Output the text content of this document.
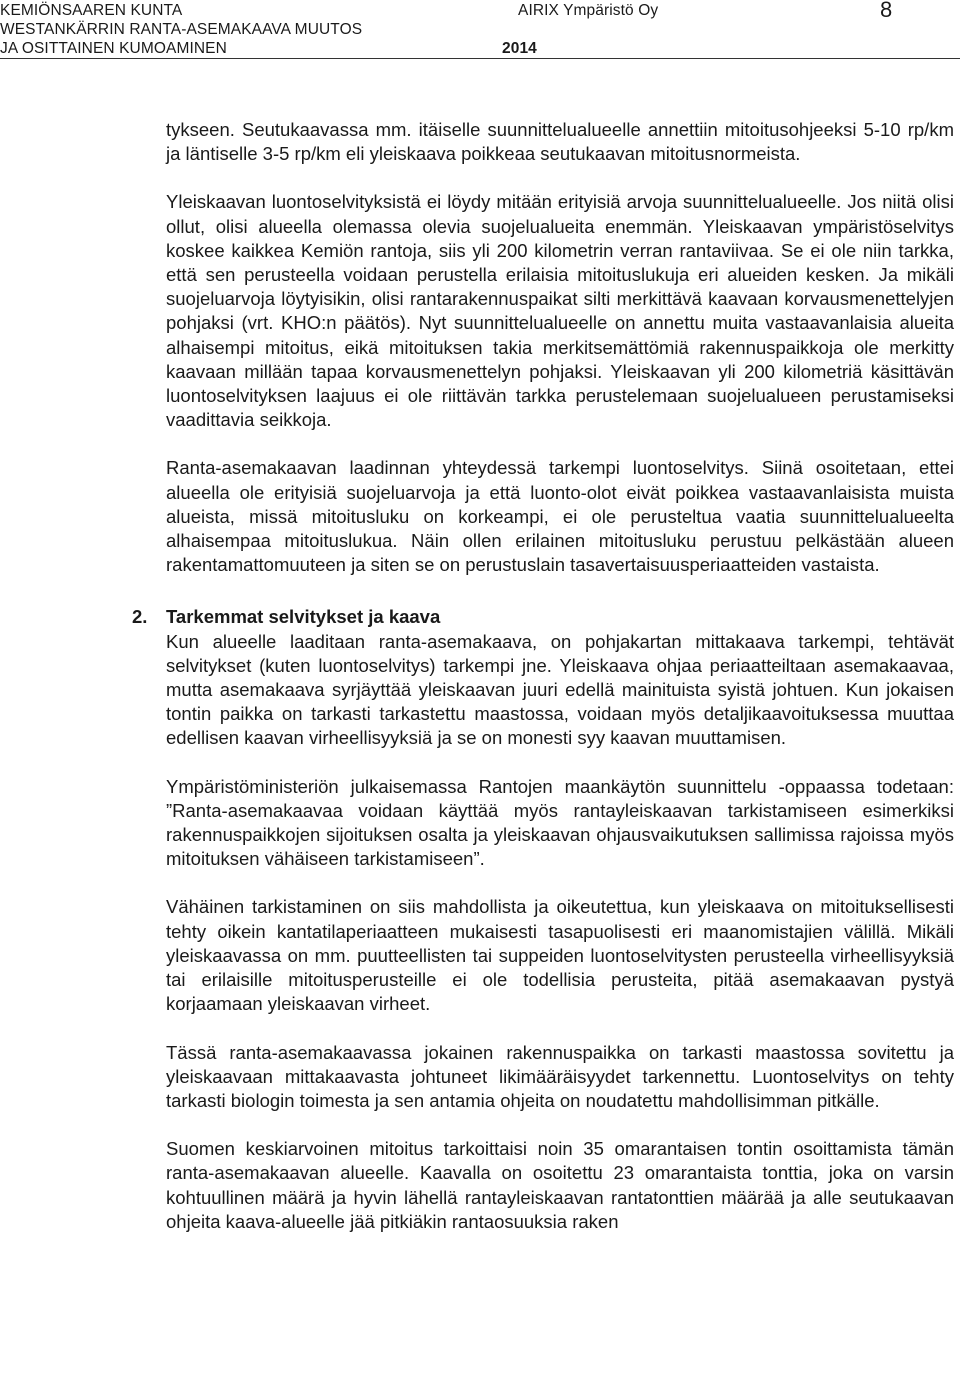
KEMIÖNSAAREN KUNTA
WESTANKÄRRIN RANTA-ASEMAKAAVA MUUTOS
JA OSITTAINEN KUMOAMINEN
AIRIX Ympäristö Oy
2014
8

tykseen. Seutukaavassa mm. itäiselle suunnittelualueelle annettiin mitoitusohjeeksi 5-10 rp/km ja läntiselle 3-5 rp/km eli yleiskaava poikkeaa seutukaavan mitoitusnormeista.

Yleiskaavan luontoselvityksistä ei löydy mitään erityisiä arvoja suunnittelualueelle. Jos niitä olisi ollut, olisi alueella olemassa olevia suojelualueita enemmän. Yleiskaavan ympäristöselvitys koskee kaikkea Kemiön rantoja, siis yli 200 kilometrin verran rantaviivaa. Se ei ole niin tarkka, että sen perusteella voidaan perustella erilaisia mitoituslukuja eri alueiden kesken. Ja mikäli suojeluarvoja löytyisikin, olisi rantarakennuspaikat silti merkittävä kaavaan korvausmenettelyjen pohjaksi (vrt. KHO:n päätös). Nyt suunnittelualueelle on annettu muita vastaavanlaisia alueita alhaisempi mitoitus, eikä mitoituksen takia merkitsemättömiä rakennuspaikkoja ole merkitty kaavaan millään tapaa korvausmenettelyn pohjaksi. Yleiskaavan yli 200 kilometriä käsittävän luontoselvityksen laajuus ei ole riittävän tarkka perustelemaan suojelualueen perustamiseksi vaadittavia seikkoja.

Ranta-asemakaavan laadinnan yhteydessä tarkempi luontoselvitys. Siinä osoitetaan, ettei alueella ole erityisiä suojeluarvoja ja että luonto-olot eivät poikkea vastaavanlaisista muista alueista, missä mitoitusluku on korkeampi, ei ole perusteltua vaatia suunnittelualueelta alhaisempaa mitoituslukua. Näin ollen erilainen mitoitusluku perustuu pelkästään alueen rakentamattomuuteen ja siten se on perustuslain tasavertaisuusperiaatteiden vastaista.

2. Tarkemmat selvitykset ja kaava

Kun alueelle laaditaan ranta-asemakaava, on pohjakartan mittakaava tarkempi, tehtävät selvitykset (kuten luontoselvitys) tarkempi jne. Yleiskaava ohjaa periaatteiltaan asemakaavaa, mutta asemakaava syrjäyttää yleiskaavan juuri edellä mainituista syistä johtuen. Kun jokaisen tontin paikka on tarkasti tarkastettu maastossa, voidaan myös detaljikaavoituksessa muuttaa edellisen kaavan virheellisyyksiä ja se on monesti syy kaavan muuttamisen.

Ympäristöministeriön julkaisemassa Rantojen maankäytön suunnittelu -oppaassa todetaan: ”Ranta-asemakaavaa voidaan käyttää myös rantayleiskaavan tarkistamiseen esimerkiksi rakennuspaikkojen sijoituksen osalta ja yleiskaavan ohjausvaikutuksen sallimissa rajoissa myös mitoituksen vähäiseen tarkistamiseen”.

Vähäinen tarkistaminen on siis mahdollista ja oikeutettua, kun yleiskaava on mitoituksellisesti tehty oikein kantatilaperiaatteen mukaisesti tasapuolisesti eri maanomistajien välillä. Mikäli yleiskaavassa on mm. puutteellisten tai suppeiden luontoselvitysten perusteella virheellisyyksiä tai erilaisille mitoitusperusteille ei ole todellisia perusteita, pitää asemakaavan pystyä korjaamaan yleiskaavan virheet.

Tässä ranta-asemakaavassa jokainen rakennuspaikka on tarkasti maastossa sovitettu ja yleiskaavaan mittakaavasta johtuneet likimääräisyydet tarkennettu. Luontoselvitys on tehty tarkasti biologin toimesta ja sen antamia ohjeita on noudatettu mahdollisimman pitkälle.

Suomen keskiarvoinen mitoitus tarkoittaisi noin 35 omarantaisen tontin osoittamista tämän ranta-asemakaavan alueelle. Kaavalla on osoitettu 23 omarantaista tonttia, joka on varsin kohtuullinen määrä ja hyvin lähellä rantayleiskaavan rantatonttien määrää ja alle seutukaavan ohjeita kaava-alueelle jää pitkiäkin rantaosuuksia raken
